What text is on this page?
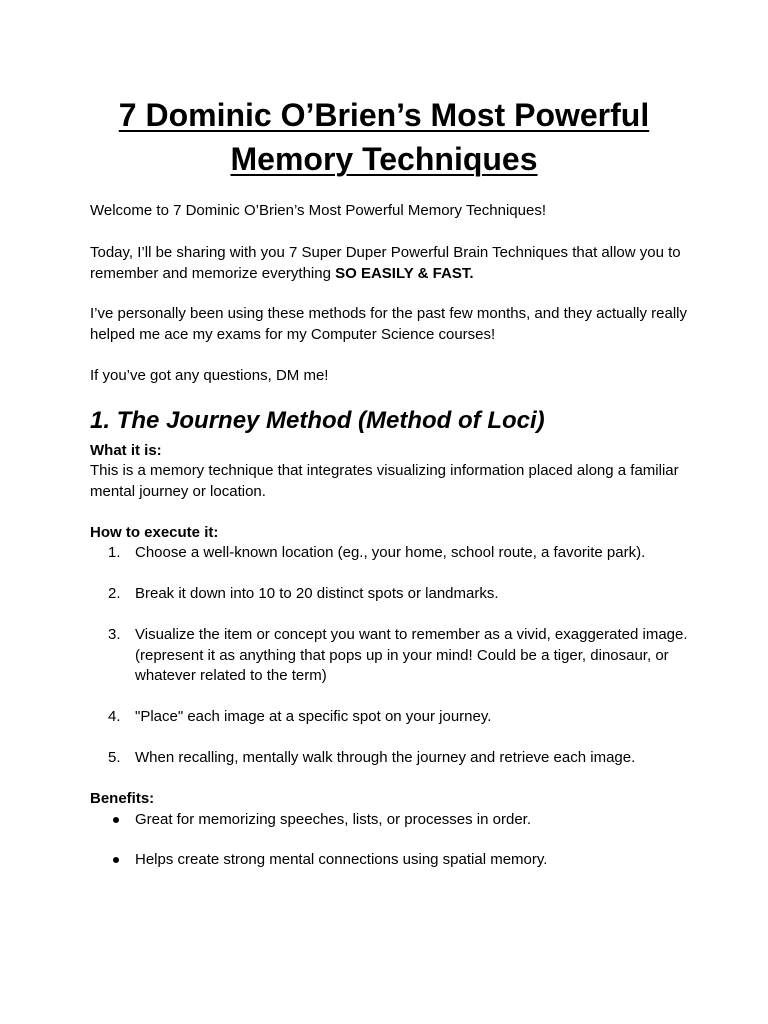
7 Dominic O’Brien’s Most Powerful
Memory Techniques

Welcome to 7 Dominic O’Brien’s Most Powerful Memory Techniques!

Today, I’ll be sharing with you 7 Super Duper Powerful Brain Techniques that allow you to remember and memorize everything SO EASILY & FAST.

I’ve personally been using these methods for the past few months, and they actually really helped me ace my exams for my Computer Science courses!

If you’ve got any questions, DM me!

1. The Journey Method (Method of Loci)

What it is:

This is a memory technique that integrates visualizing information placed along a familiar mental journey or location.

How to execute it:

1. Choose a well-known location (eg., your home, school route, a favorite park).
2. Break it down into 10 to 20 distinct spots or landmarks.
3. Visualize the item or concept you want to remember as a vivid, exaggerated image. (represent it as anything that pops up in your mind! Could be a tiger, dinosaur, or whatever related to the term)
4. "Place" each image at a specific spot on your journey.
5. When recalling, mentally walk through the journey and retrieve each image.

Benefits:

Great for memorizing speeches, lists, or processes in order.
Helps create strong mental connections using spatial memory.
